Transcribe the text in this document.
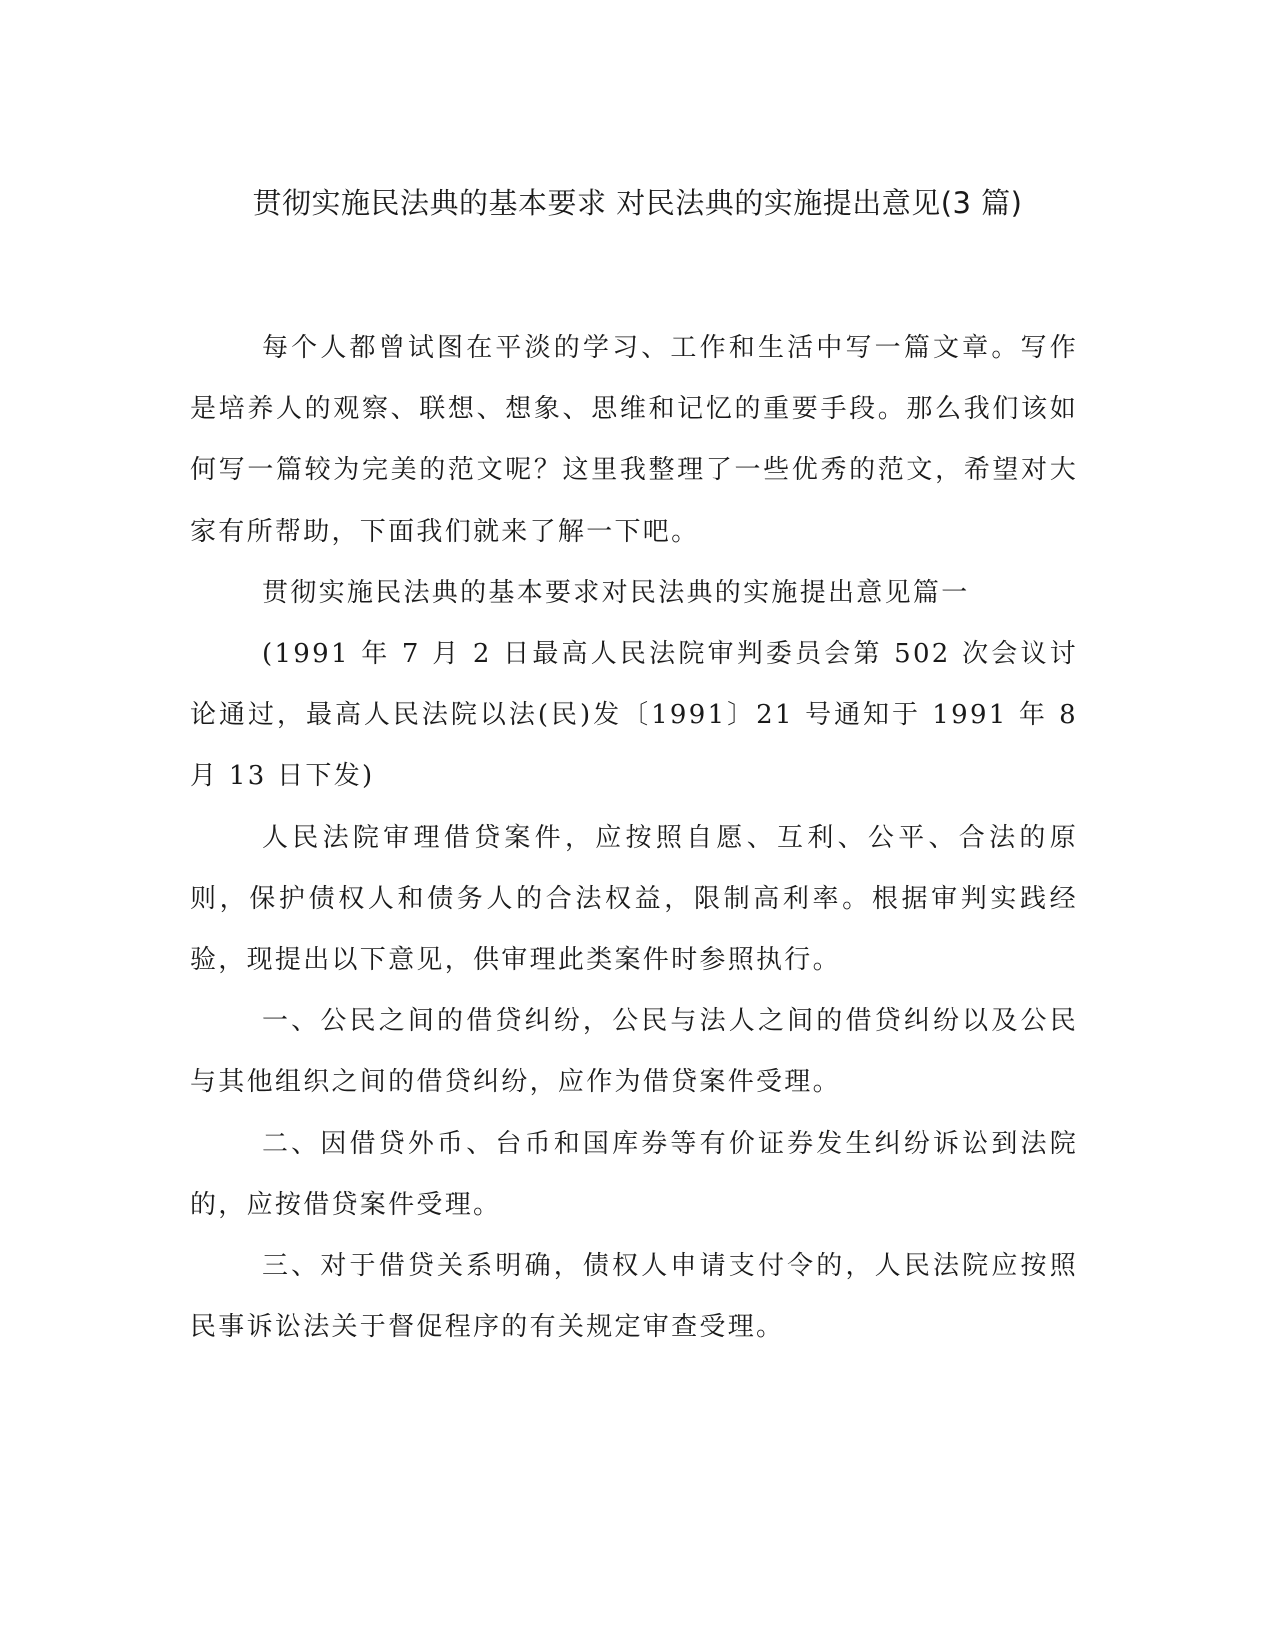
贯彻实施民法典的基本要求 对民法典的实施提出意见(3 篇)

每个人都曾试图在平淡的学习、工作和生活中写一篇文章。写作是培养人的观察、联想、想象、思维和记忆的重要手段。那么我们该如何写一篇较为完美的范文呢？这里我整理了一些优秀的范文，希望对大家有所帮助，下面我们就来了解一下吧。

贯彻实施民法典的基本要求对民法典的实施提出意见篇一

(1991 年 7 月 2 日最高人民法院审判委员会第 502 次会议讨论通过，最高人民法院以法(民)发〔1991〕21 号通知于 1991 年 8 月 13 日下发)

人民法院审理借贷案件，应按照自愿、互利、公平、合法的原则，保护债权人和债务人的合法权益，限制高利率。根据审判实践经验，现提出以下意见，供审理此类案件时参照执行。

一、公民之间的借贷纠纷，公民与法人之间的借贷纠纷以及公民与其他组织之间的借贷纠纷，应作为借贷案件受理。

二、因借贷外币、台币和国库券等有价证券发生纠纷诉讼到法院的，应按借贷案件受理。

三、对于借贷关系明确，债权人申请支付令的，人民法院应按照民事诉讼法关于督促程序的有关规定审查受理。
